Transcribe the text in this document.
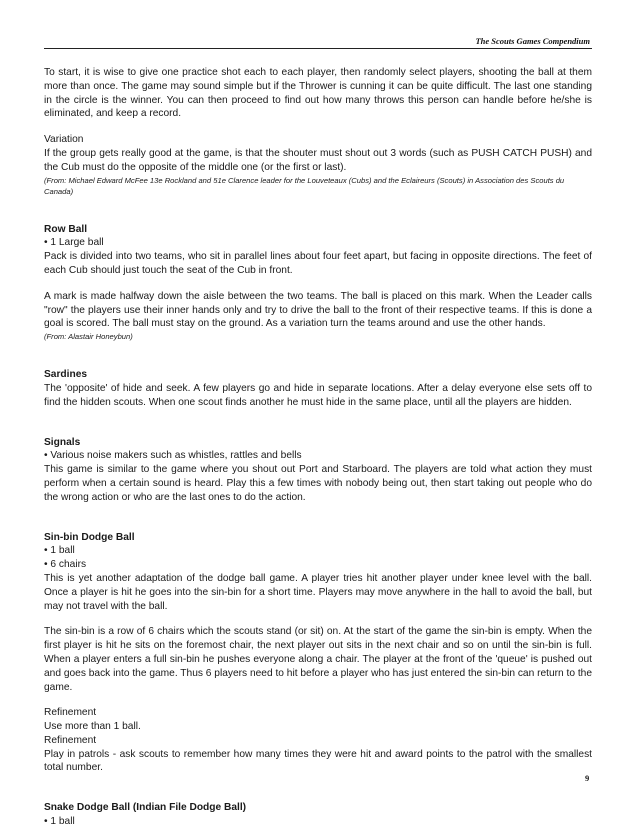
The Scouts Games Compendium

To start, it is wise to give one practice shot each to each player, then randomly select players, shooting the ball at them more than once. The game may sound simple but if the Thrower is cunning it can be quite difficult. The last one standing in the circle is the winner. You can then proceed to find out how many throws this person can handle before he/she is eliminated, and keep a record.

Variation

If the group gets really good at the game, is that the shouter must shout out 3 words (such as PUSH CATCH PUSH) and the Cub must do the opposite of the middle one (or the first or last).

(From: Michael Edward McFee 13e Rockland and 51e Clarence leader for the Louveteaux (Cubs) and the Eclaireurs (Scouts) in Association des Scouts du Canada)

Row Ball

• 1 Large ball

Pack is divided into two teams, who sit in parallel lines about four feet apart, but facing in opposite directions. The feet of each Cub should just touch the seat of the Cub in front.

A mark is made halfway down the aisle between the two teams. The ball is placed on this mark. When the Leader calls "row" the players use their inner hands only and try to drive the ball to the front of their respective teams. If this is done a goal is scored. The ball must stay on the ground. As a variation turn the teams around and use the other hands.

(From: Alastair Honeybun)

Sardines

The 'opposite' of hide and seek. A few players go and hide in separate locations. After a delay everyone else sets off to find the hidden scouts. When one scout finds another he must hide in the same place, until all the players are hidden.

Signals

• Various noise makers such as whistles, rattles and bells

This game is similar to the game where you shout out Port and Starboard. The players are told what action they must perform when a certain sound is heard. Play this a few times with nobody being out, then start taking out people who do the wrong action or who are the last ones to do the action.

Sin-bin Dodge Ball

• 1 ball

• 6 chairs

This is yet another adaptation of the dodge ball game. A player tries hit another player under knee level with the ball. Once a player is hit he goes into the sin-bin for a short time. Players may move anywhere in the hall to avoid the ball, but may not travel with the ball.

The sin-bin is a row of 6 chairs which the scouts stand (or sit) on. At the start of the game the sin-bin is empty. When the first player is hit he sits on the foremost chair, the next player out sits in the next chair and so on until the sin-bin is full. When a player enters a full sin-bin he pushes everyone along a chair. The player at the front of the 'queue' is pushed out and goes back into the game. Thus 6 players need to hit before a player who has just entered the sin-bin can return to the game.

Refinement

Use more than 1 ball.

Refinement

Play in patrols - ask scouts to remember how many times they were hit and award points to the patrol with the smallest total number.

Snake Dodge Ball (Indian File Dodge Ball)

• 1 ball

9
